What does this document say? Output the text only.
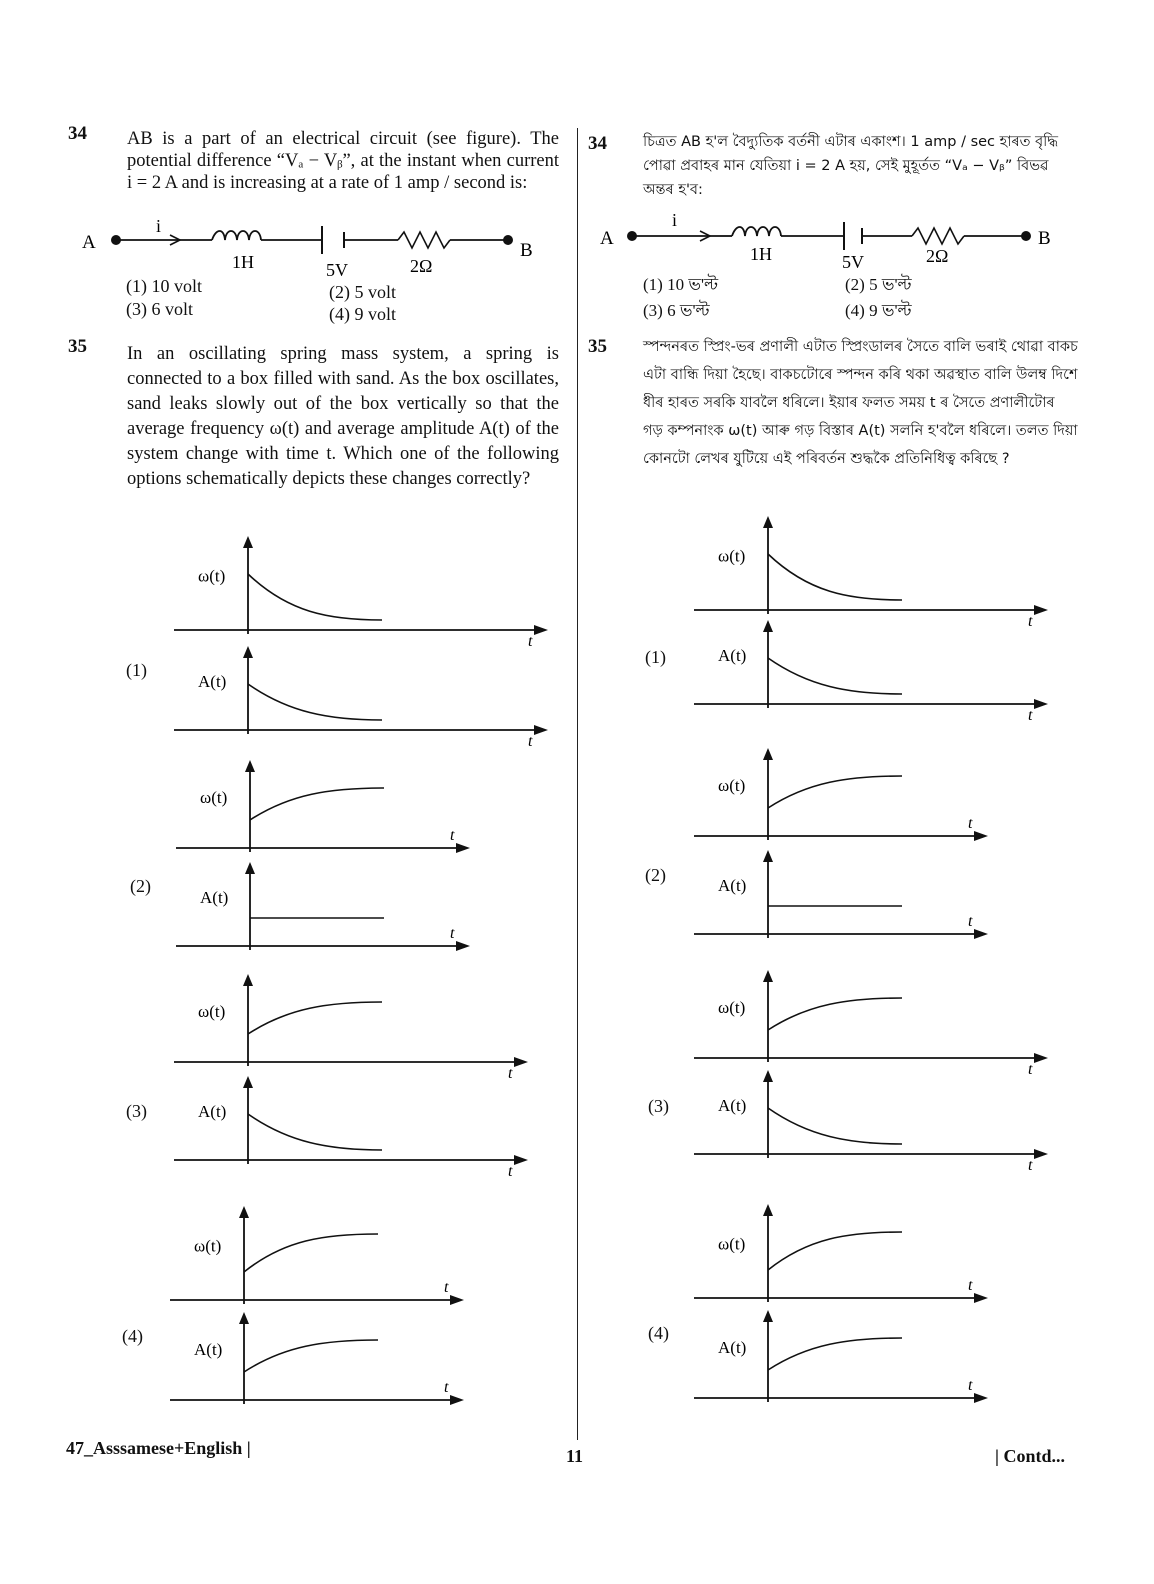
34 AB is a part of an electrical circuit (see figure). The potential difference “Vₐ − Vᵦ”, at the instant when current i = 2 A and is increasing at a rate of 1 amp / second is:
A
i
B
1H	5V	2Ω
(1) 10 volt	(2) 5 volt
(3) 6 volt	(4) 9 volt
35 In an oscillating spring mass system, a spring is connected to a box filled with sand. As the box oscillates, sand leaks slowly out of the box vertically so that the average frequency ω(t) and average amplitude A(t) of the system change with time t. Which one of the following options schematically depicts these changes correctly?
(1)
(2)
(3)
(4)
ω(t)
t
A(t)
t
ω(t)
t
A(t)
t
ω(t)
t
A(t)
t
ω(t)
t
A(t)
t
34 চিত্ৰত AB হ'ল বৈদ্যুতিক বৰ্তনী এটাৰ একাংশ। 1 amp / sec হাৰত বৃদ্ধি পোৱা প্ৰবাহৰ মান যেতিয়া i = 2 A হয়, সেই মুহূৰ্তত “Vₐ − Vᵦ” বিভৱ অন্তৰ হ'ব:
A
i
B
1H	5V	2Ω
(1) 10 ভ'ল্ট	(2) 5 ভ'ল্ট
(3) 6 ভ'ল্ট	(4) 9 ভ'ল্ট
35 স্পন্দনৰত স্প্ৰিং-ভৰ প্ৰণালী এটাত স্প্ৰিংডালৰ সৈতে বালি ভৰাই থোৱা বাকচ এটা বান্ধি দিয়া হৈছে। বাকচটোৰে স্পন্দন কৰি থকা অৱস্থাত বালি উলম্ব দিশে ধীৰ হাৰত সৰকি যাবলৈ ধৰিলে। ইয়াৰ ফলত সময় t ৰ সৈতে প্ৰণালীটোৰ গড় কম্পনাংক ω(t) আৰু গড় বিস্তাৰ A(t) সলনি হ'বলৈ ধৰিলে। তলত দিয়া কোনটো লেখৰ যুটিয়ে এই পৰিবৰ্তন শুদ্ধকৈ প্ৰতিনিধিত্ব কৰিছে ?
(1)
(2)
(3)
(4)
ω(t)
t
A(t)
t
ω(t)
t
A(t)
t
ω(t)
t
A(t)
t
ω(t)
t
A(t)
t
47_Asssamese+English |	11	| Contd...
